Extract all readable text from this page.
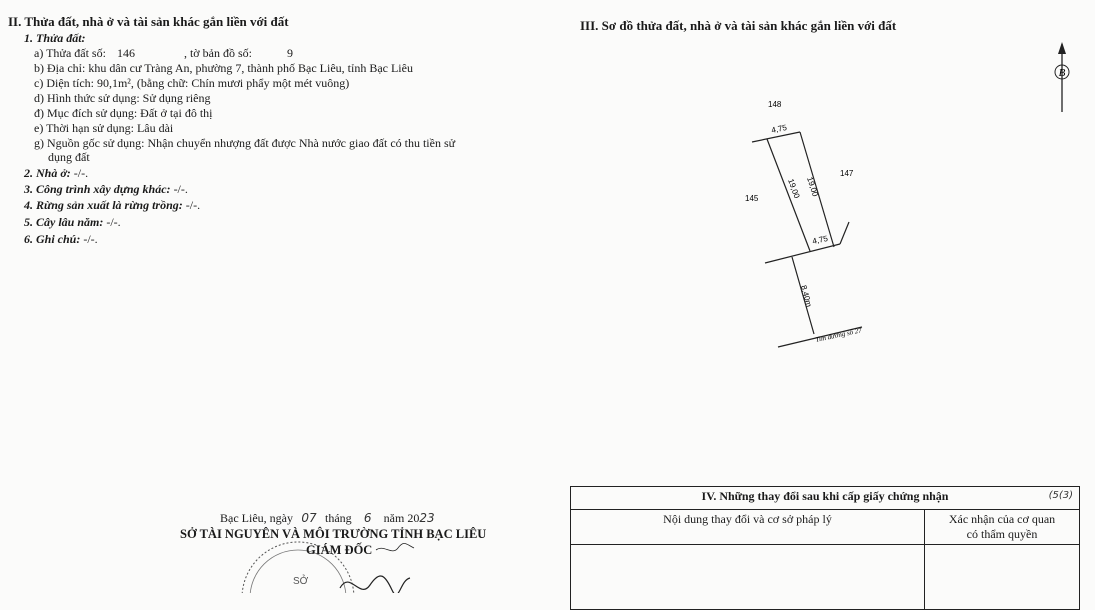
II. Thửa đất, nhà ở và tài sản khác gắn liền với đất
1. Thửa đất:
a) Thửa đất số: 146	, tờ bản đồ số:	9
b) Địa chỉ: khu dân cư Tràng An, phường 7, thành phố Bạc Liêu, tỉnh Bạc Liêu
c) Diện tích: 90,1m², (bằng chữ: Chín mươi phẩy một mét vuông)
d) Hình thức sử dụng: Sử dụng riêng
đ) Mục đích sử dụng: Đất ở tại đô thị
e) Thời hạn sử dụng: Lâu dài
g) Nguồn gốc sử dụng: Nhận chuyển nhượng đất được Nhà nước giao đất có thu tiền sử
dụng đất
2. Nhà ở: -/-.
3. Công trình xây dựng khác: -/-.
4. Rừng sản xuất là rừng trồng: -/-.
5. Cây lâu năm: -/-.
6. Ghi chú: -/-.
III. Sơ đồ thửa đất, nhà ở và tài sản khác gắn liền với đất
B
148
147
145
4,75
4,75
19,00 19,00
8,40m
Tim đường số 27
SỞ
Bạc Liêu, ngày 07 tháng 6 năm 2023
SỞ TÀI NGUYÊN VÀ MÔI TRƯỜNG TỈNH BẠC LIÊU
GIÁM ĐỐC
IV. Những thay đổi sau khi cấp giấy chứng nhận (5(3)	

Nội dung thay đổi và cơ sở pháp lý	Xác nhận của cơ quan
có thẩm quyền
